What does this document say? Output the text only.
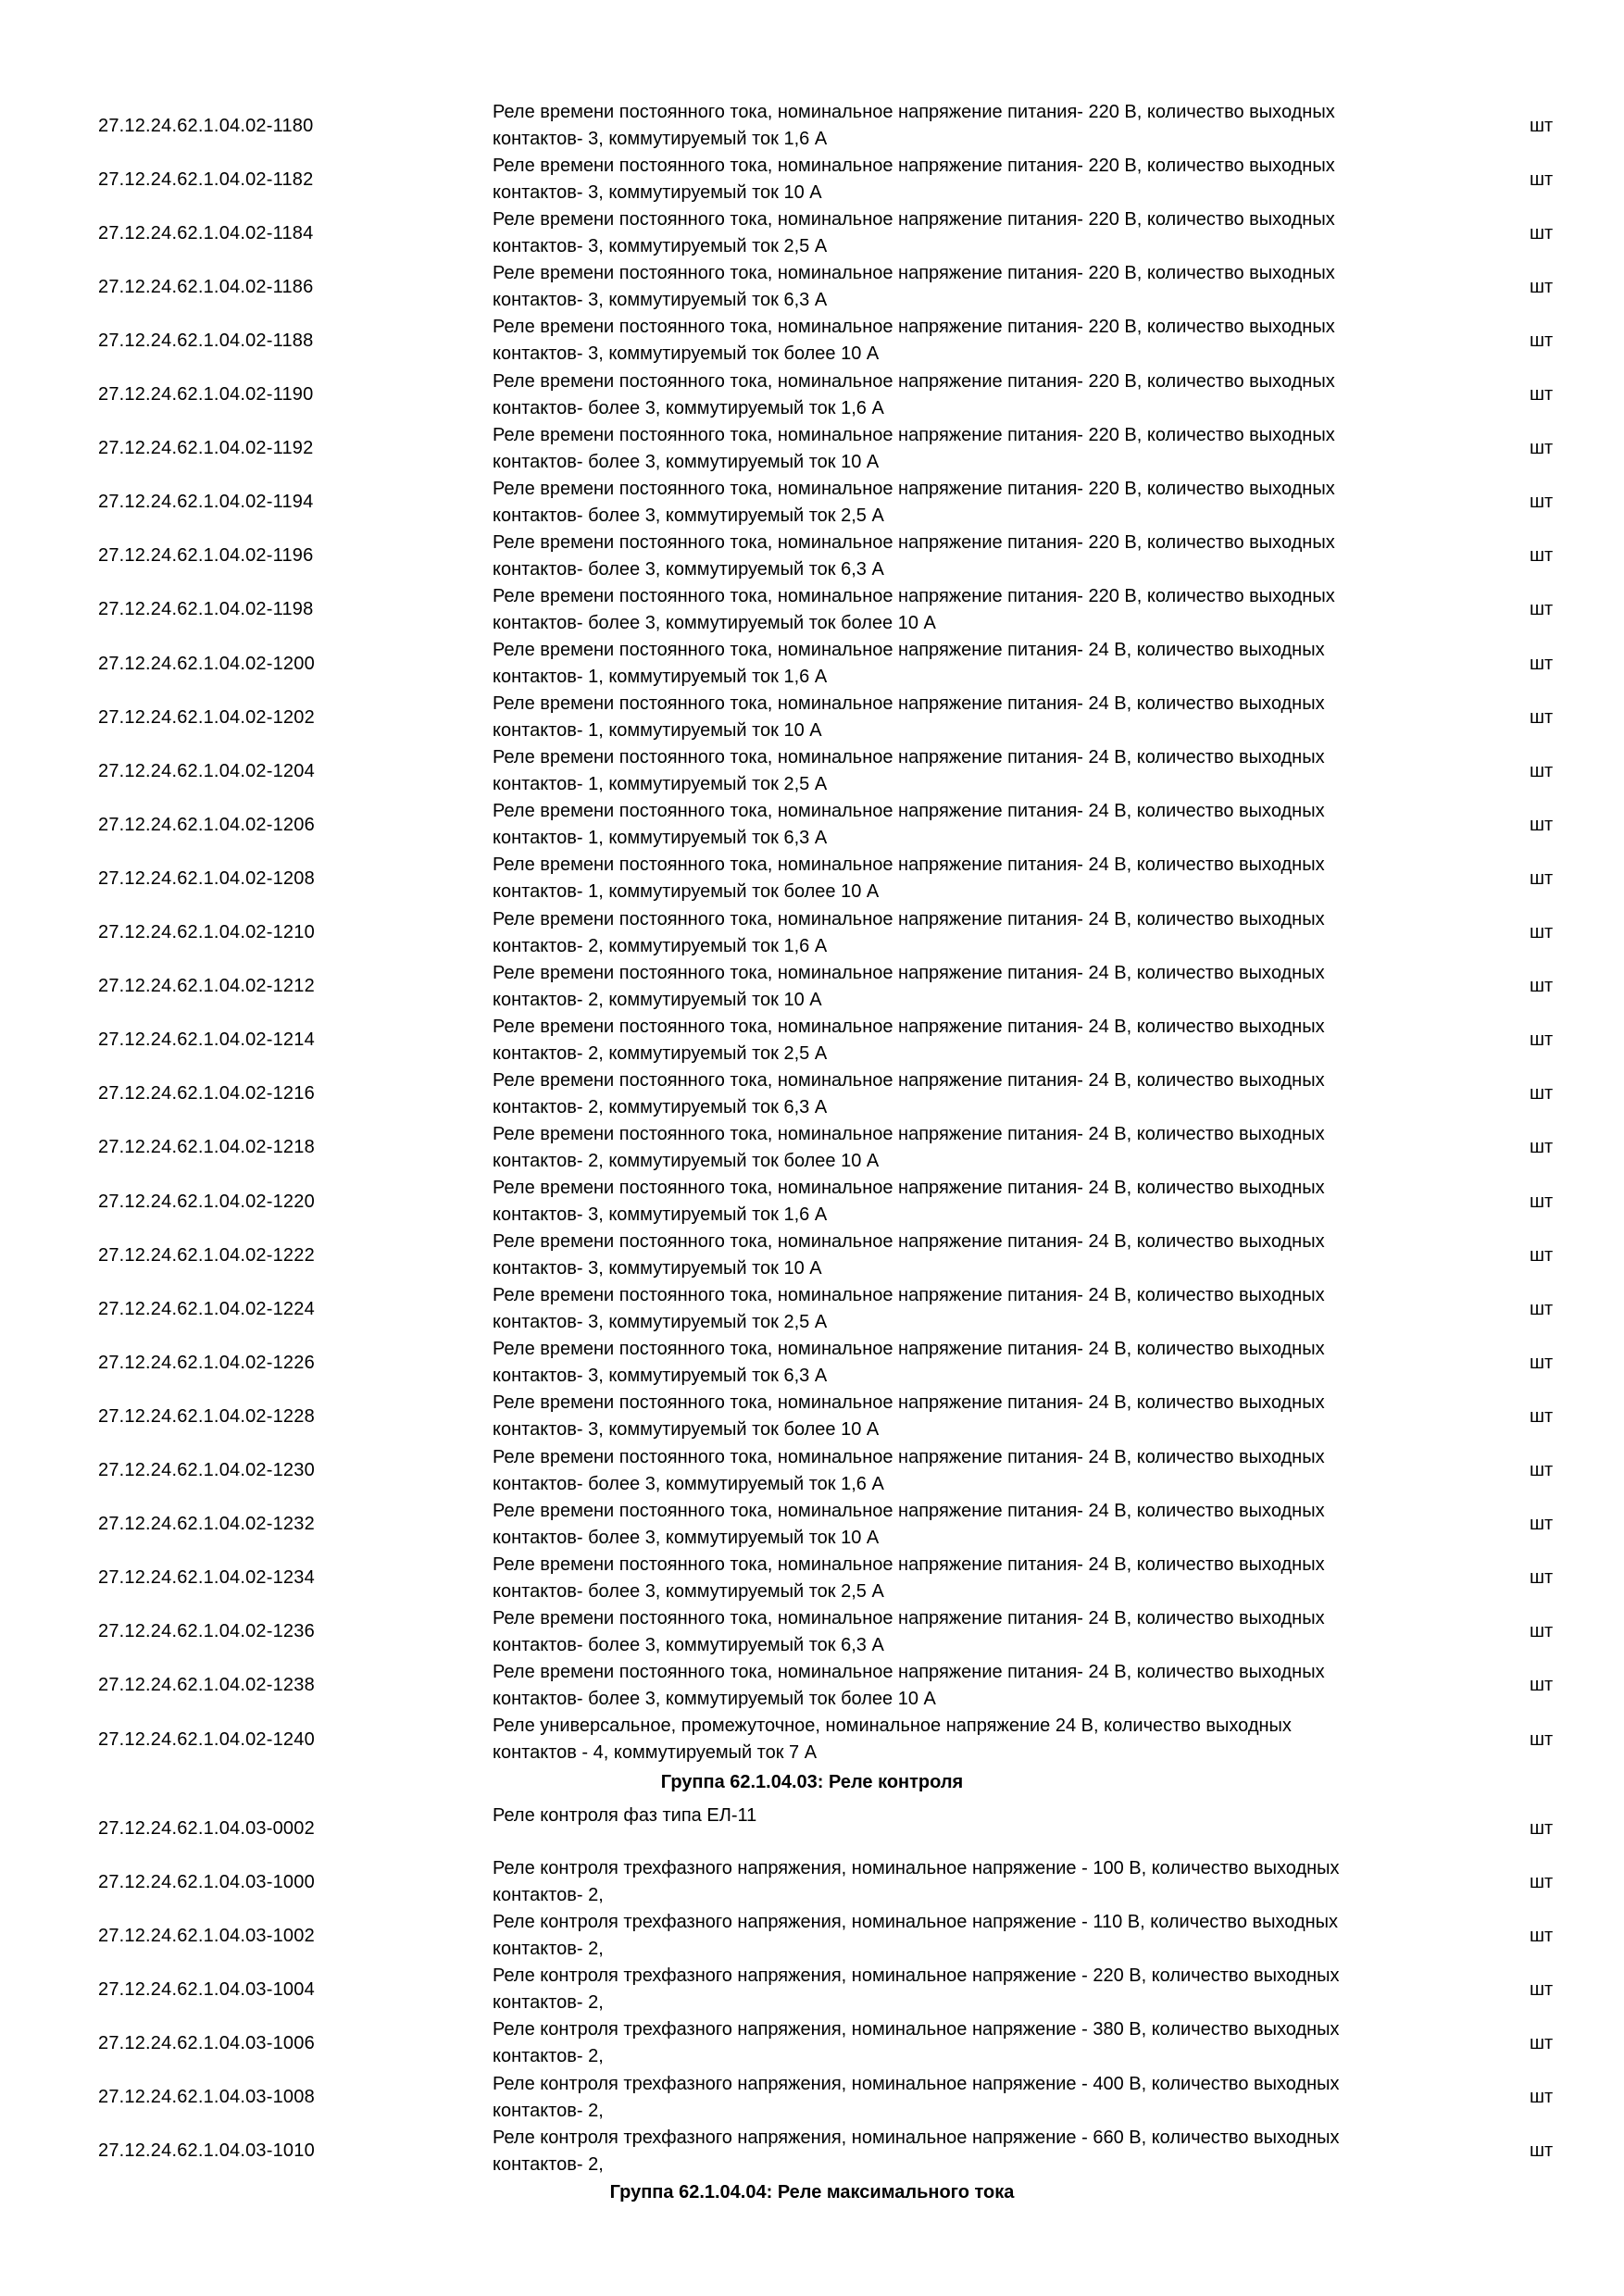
27.12.24.62.1.04.02-1180
Реле времени постоянного тока, номинальное напряжение питания- 220 В, количество выходных
контактов- 3, коммутируемый ток 1,6 А
шт
27.12.24.62.1.04.02-1182
Реле времени постоянного тока, номинальное напряжение питания- 220 В, количество выходных
контактов- 3, коммутируемый ток 10 А
шт
27.12.24.62.1.04.02-1184
Реле времени постоянного тока, номинальное напряжение питания- 220 В, количество выходных
контактов- 3, коммутируемый ток 2,5 А
шт
27.12.24.62.1.04.02-1186
Реле времени постоянного тока, номинальное напряжение питания- 220 В, количество выходных
контактов- 3, коммутируемый ток 6,3 А
шт
27.12.24.62.1.04.02-1188
Реле времени постоянного тока, номинальное напряжение питания- 220 В, количество выходных
контактов- 3, коммутируемый ток более 10 А
шт
27.12.24.62.1.04.02-1190
Реле времени постоянного тока, номинальное напряжение питания- 220 В, количество выходных
контактов- более 3, коммутируемый ток 1,6 А
шт
27.12.24.62.1.04.02-1192
Реле времени постоянного тока, номинальное напряжение питания- 220 В, количество выходных
контактов- более 3, коммутируемый ток 10 А
шт
27.12.24.62.1.04.02-1194
Реле времени постоянного тока, номинальное напряжение питания- 220 В, количество выходных
контактов- более 3, коммутируемый ток 2,5 А
шт
27.12.24.62.1.04.02-1196
Реле времени постоянного тока, номинальное напряжение питания- 220 В, количество выходных
контактов- более 3, коммутируемый ток 6,3 А
шт
27.12.24.62.1.04.02-1198
Реле времени постоянного тока, номинальное напряжение питания- 220 В, количество выходных
контактов- более 3, коммутируемый ток более 10 А
шт
27.12.24.62.1.04.02-1200
Реле времени постоянного тока, номинальное напряжение питания- 24 В, количество выходных
контактов- 1, коммутируемый ток 1,6 А
шт
27.12.24.62.1.04.02-1202
Реле времени постоянного тока, номинальное напряжение питания- 24 В, количество выходных
контактов- 1, коммутируемый ток 10 А
шт
27.12.24.62.1.04.02-1204
Реле времени постоянного тока, номинальное напряжение питания- 24 В, количество выходных
контактов- 1, коммутируемый ток 2,5 А
шт
27.12.24.62.1.04.02-1206
Реле времени постоянного тока, номинальное напряжение питания- 24 В, количество выходных
контактов- 1, коммутируемый ток 6,3 А
шт
27.12.24.62.1.04.02-1208
Реле времени постоянного тока, номинальное напряжение питания- 24 В, количество выходных
контактов- 1, коммутируемый ток более 10 А
шт
27.12.24.62.1.04.02-1210
Реле времени постоянного тока, номинальное напряжение питания- 24 В, количество выходных
контактов- 2, коммутируемый ток 1,6 А
шт
27.12.24.62.1.04.02-1212
Реле времени постоянного тока, номинальное напряжение питания- 24 В, количество выходных
контактов- 2, коммутируемый ток 10 А
шт
27.12.24.62.1.04.02-1214
Реле времени постоянного тока, номинальное напряжение питания- 24 В, количество выходных
контактов- 2, коммутируемый ток 2,5 А
шт
27.12.24.62.1.04.02-1216
Реле времени постоянного тока, номинальное напряжение питания- 24 В, количество выходных
контактов- 2, коммутируемый ток 6,3 А
шт
27.12.24.62.1.04.02-1218
Реле времени постоянного тока, номинальное напряжение питания- 24 В, количество выходных
контактов- 2, коммутируемый ток более 10 А
шт
27.12.24.62.1.04.02-1220
Реле времени постоянного тока, номинальное напряжение питания- 24 В, количество выходных
контактов- 3, коммутируемый ток 1,6 А
шт
27.12.24.62.1.04.02-1222
Реле времени постоянного тока, номинальное напряжение питания- 24 В, количество выходных
контактов- 3, коммутируемый ток 10 А
шт
27.12.24.62.1.04.02-1224
Реле времени постоянного тока, номинальное напряжение питания- 24 В, количество выходных
контактов- 3, коммутируемый ток 2,5 А
шт
27.12.24.62.1.04.02-1226
Реле времени постоянного тока, номинальное напряжение питания- 24 В, количество выходных
контактов- 3, коммутируемый ток 6,3 А
шт
27.12.24.62.1.04.02-1228
Реле времени постоянного тока, номинальное напряжение питания- 24 В, количество выходных
контактов- 3, коммутируемый ток более 10 А
шт
27.12.24.62.1.04.02-1230
Реле времени постоянного тока, номинальное напряжение питания- 24 В, количество выходных
контактов- более 3, коммутируемый ток 1,6 А
шт
27.12.24.62.1.04.02-1232
Реле времени постоянного тока, номинальное напряжение питания- 24 В, количество выходных
контактов- более 3, коммутируемый ток 10 А
шт
27.12.24.62.1.04.02-1234
Реле времени постоянного тока, номинальное напряжение питания- 24 В, количество выходных
контактов- более 3, коммутируемый ток 2,5 А
шт
27.12.24.62.1.04.02-1236
Реле времени постоянного тока, номинальное напряжение питания- 24 В, количество выходных
контактов- более 3, коммутируемый ток 6,3 А
шт
27.12.24.62.1.04.02-1238
Реле времени постоянного тока, номинальное напряжение питания- 24 В, количество выходных
контактов- более 3, коммутируемый ток более 10 А
шт
27.12.24.62.1.04.02-1240
Реле универсальное, промежуточное, номинальное напряжение 24 В, количество выходных
контактов - 4, коммутируемый ток 7 А
шт
Группа 62.1.04.03: Реле контроля
27.12.24.62.1.04.03-0002
Реле контроля фаз типа ЕЛ-11
шт
27.12.24.62.1.04.03-1000
Реле контроля трехфазного напряжения, номинальное напряжение - 100 В, количество выходных
контактов- 2,
шт
27.12.24.62.1.04.03-1002
Реле контроля трехфазного напряжения, номинальное напряжение - 110 В, количество выходных
контактов- 2,
шт
27.12.24.62.1.04.03-1004
Реле контроля трехфазного напряжения, номинальное напряжение - 220 В, количество выходных
контактов- 2,
шт
27.12.24.62.1.04.03-1006
Реле контроля трехфазного напряжения, номинальное напряжение - 380 В, количество выходных
контактов- 2,
шт
27.12.24.62.1.04.03-1008
Реле контроля трехфазного напряжения, номинальное напряжение - 400 В, количество выходных
контактов- 2,
шт
27.12.24.62.1.04.03-1010
Реле контроля трехфазного напряжения, номинальное напряжение - 660 В, количество выходных
контактов- 2,
шт
Группа 62.1.04.04: Реле максимального тока
